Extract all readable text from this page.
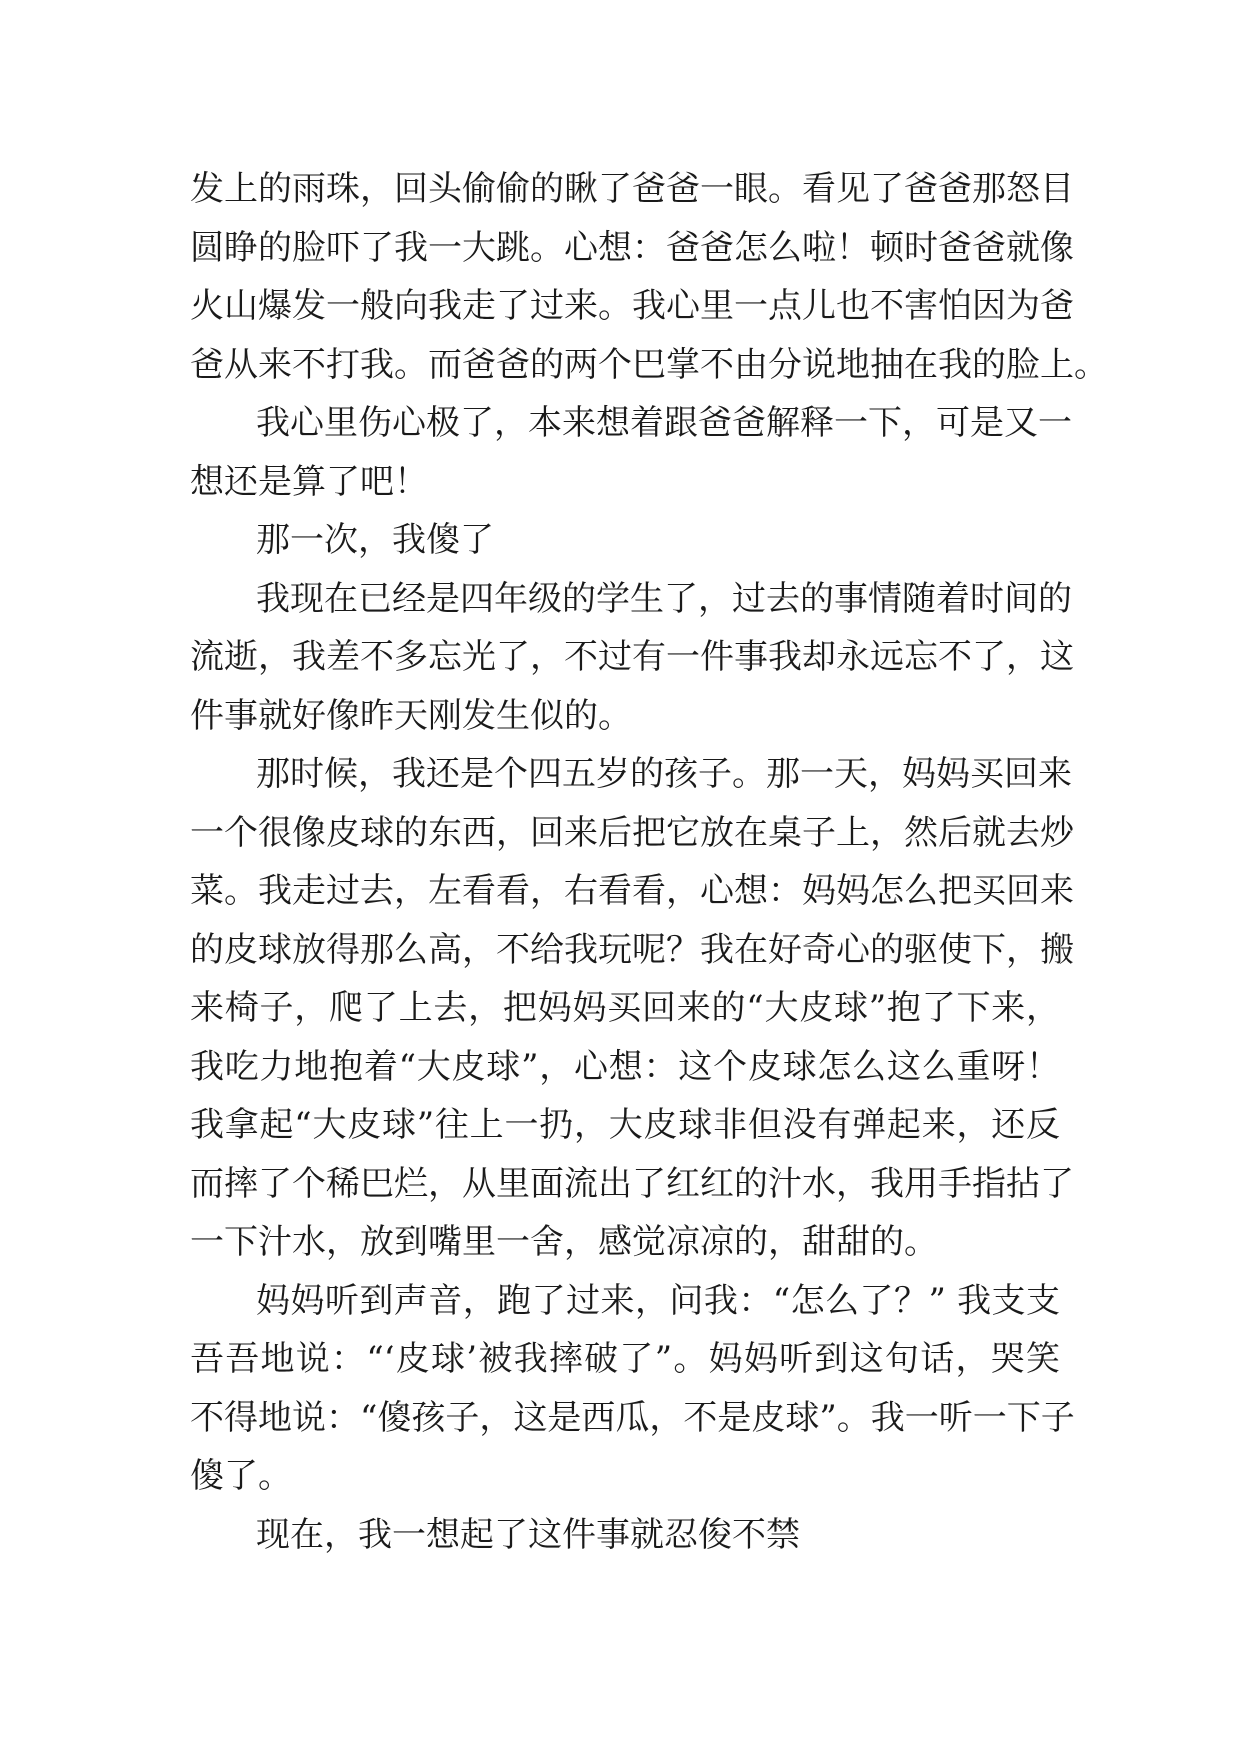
发上的雨珠，回头偷偷的瞅了爸爸一眼。看见了爸爸那怒目
圆睁的脸吓了我一大跳。心想：爸爸怎么啦！顿时爸爸就像
火山爆发一般向我走了过来。我心里一点儿也不害怕因为爸
爸从来不打我。而爸爸的两个巴掌不由分说地抽在我的脸上。
我心里伤心极了，本来想着跟爸爸解释一下，可是又一
想还是算了吧！
那一次，我傻了
我现在已经是四年级的学生了，过去的事情随着时间的
流逝，我差不多忘光了，不过有一件事我却永远忘不了，这
件事就好像昨天刚发生似的。
那时候，我还是个四五岁的孩子。那一天，妈妈买回来
一个很像皮球的东西，回来后把它放在桌子上，然后就去炒
菜。我走过去，左看看，右看看，心想：妈妈怎么把买回来
的皮球放得那么高，不给我玩呢？我在好奇心的驱使下，搬
来椅子，爬了上去，把妈妈买回来的“大皮球”抱了下来，
我吃力地抱着“大皮球”，心想：这个皮球怎么这么重呀！
我拿起“大皮球”往上一扔，大皮球非但没有弹起来，还反
而摔了个稀巴烂，从里面流出了红红的汁水，我用手指拈了
一下汁水，放到嘴里一舍，感觉凉凉的，甜甜的。
妈妈听到声音，跑了过来，问我：“怎么了？” 我支支
吾吾地说：“‘皮球’被我摔破了”。妈妈听到这句话，哭笑
不得地说：“傻孩子，这是西瓜，不是皮球”。我一听一下子
傻了。
现在，我一想起了这件事就忍俊不禁
